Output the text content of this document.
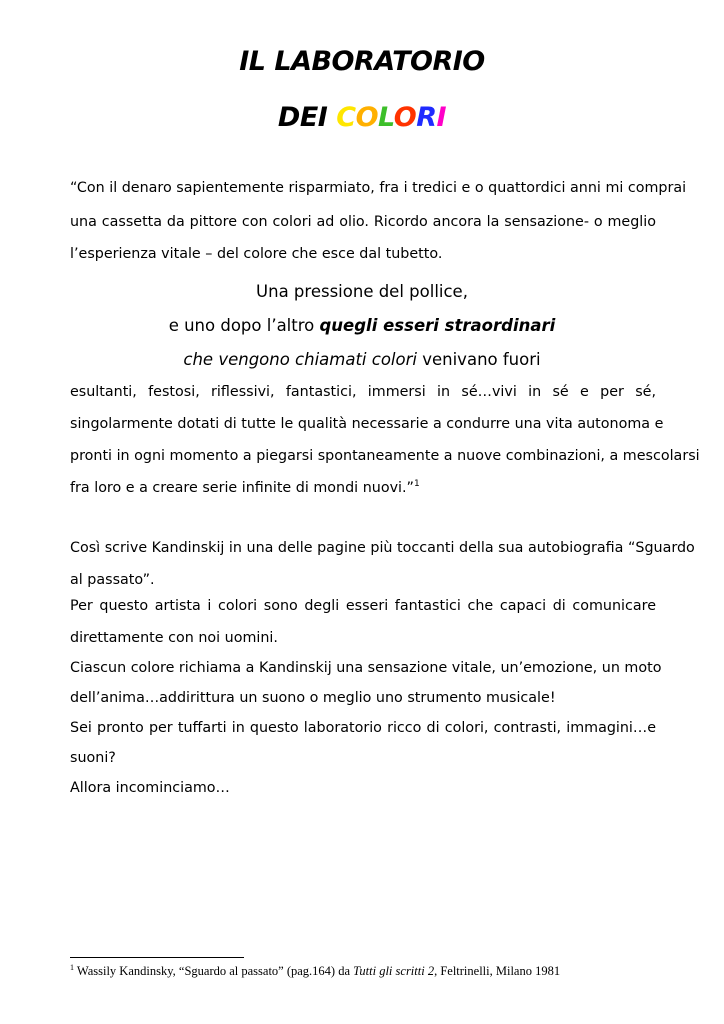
IL LABORATORIO
DEI COLORI

“Con il denaro sapientemente risparmiato, fra i tredici e o quattordici anni mi comprai

una cassetta da pittore con colori ad olio. Ricordo ancora la sensazione- o meglio

l’esperienza vitale – del colore che esce dal tubetto.

Una pressione del pollice,

e uno dopo l’altro quegli esseri straordinari

che vengono chiamati colori venivano fuori

esultanti, festosi, riflessivi, fantastici, immersi in sé…vivi in sé e per sé,

singolarmente dotati di tutte le qualità necessarie a condurre una vita autonoma e

pronti in ogni momento a piegarsi spontaneamente a nuove combinazioni, a mescolarsi

fra loro e a creare serie infinite di mondi nuovi.”$^1$

Così scrive Kandinskij in una delle pagine più toccanti della sua autobiografia “Sguardo

al passato”.

Per questo artista i colori sono degli esseri fantastici che capaci di comunicare

direttamente con noi uomini.

Ciascun colore richiama a Kandinskij una sensazione vitale, un’emozione, un moto

dell’anima…addirittura un suono o meglio uno strumento musicale!

Sei pronto per tuffarti in questo laboratorio ricco di colori, contrasti, immagini…e

suoni?

Allora incominciamo…

$^1$ Wassily Kandinsky, “Sguardo al passato” (pag.164) da Tutti gli scritti 2, Feltrinelli, Milano 1981
